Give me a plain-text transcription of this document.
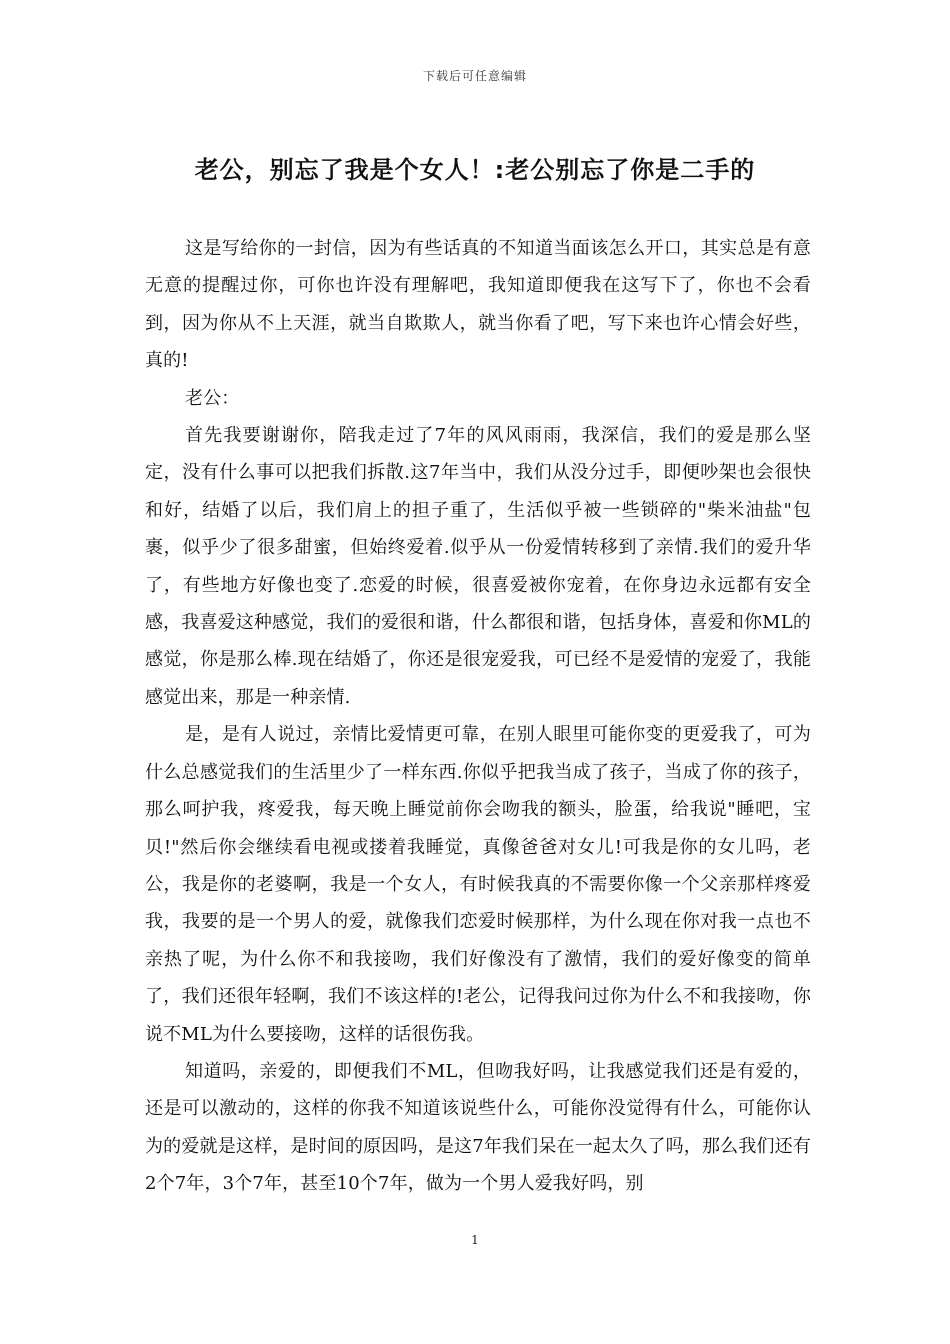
下载后可任意编辑
老公，别忘了我是个女人！:老公别忘了你是二手的

这是写给你的一封信，因为有些话真的不知道当面该怎么开口，其实总是有意无意的提醒过你，可你也许没有理解吧，我知道即便我在这写下了，你也不会看到，因为你从不上天涯，就当自欺欺人，就当你看了吧，写下来也许心情会好些，真的!

老公：

首先我要谢谢你，陪我走过了7年的风风雨雨，我深信，我们的爱是那么坚定，没有什么事可以把我们拆散.这7年当中，我们从没分过手，即便吵架也会很快和好，结婚了以后，我们肩上的担子重了，生活似乎被一些锁碎的"柴米油盐"包裹，似乎少了很多甜蜜，但始终爱着.似乎从一份爱情转移到了亲情.我们的爱升华了，有些地方好像也变了.恋爱的时候，很喜爱被你宠着，在你身边永远都有安全感，我喜爱这种感觉，我们的爱很和谐，什么都很和谐，包括身体，喜爱和你ML的感觉，你是那么棒.现在结婚了，你还是很宠爱我，可已经不是爱情的宠爱了，我能感觉出来，那是一种亲情.

是，是有人说过，亲情比爱情更可靠，在别人眼里可能你变的更爱我了，可为什么总感觉我们的生活里少了一样东西.你似乎把我当成了孩子，当成了你的孩子，那么呵护我，疼爱我，每天晚上睡觉前你会吻我的额头，脸蛋，给我说"睡吧，宝贝!"然后你会继续看电视或搂着我睡觉，真像爸爸对女儿!可我是你的女儿吗，老公，我是你的老婆啊，我是一个女人，有时候我真的不需要你像一个父亲那样疼爱我，我要的是一个男人的爱，就像我们恋爱时候那样，为什么现在你对我一点也不亲热了呢，为什么你不和我接吻，我们好像没有了激情，我们的爱好像变的简单了，我们还很年轻啊，我们不该这样的!老公，记得我问过你为什么不和我接吻，你说不ML为什么要接吻，这样的话很伤我。

知道吗，亲爱的，即便我们不ML，但吻我好吗，让我感觉我们还是有爱的，还是可以激动的，这样的你我不知道该说些什么，可能你没觉得有什么，可能你认为的爱就是这样，是时间的原因吗，是这7年我们呆在一起太久了吗，那么我们还有2个7年，3个7年，甚至10个7年，做为一个男人爱我好吗，别

1
